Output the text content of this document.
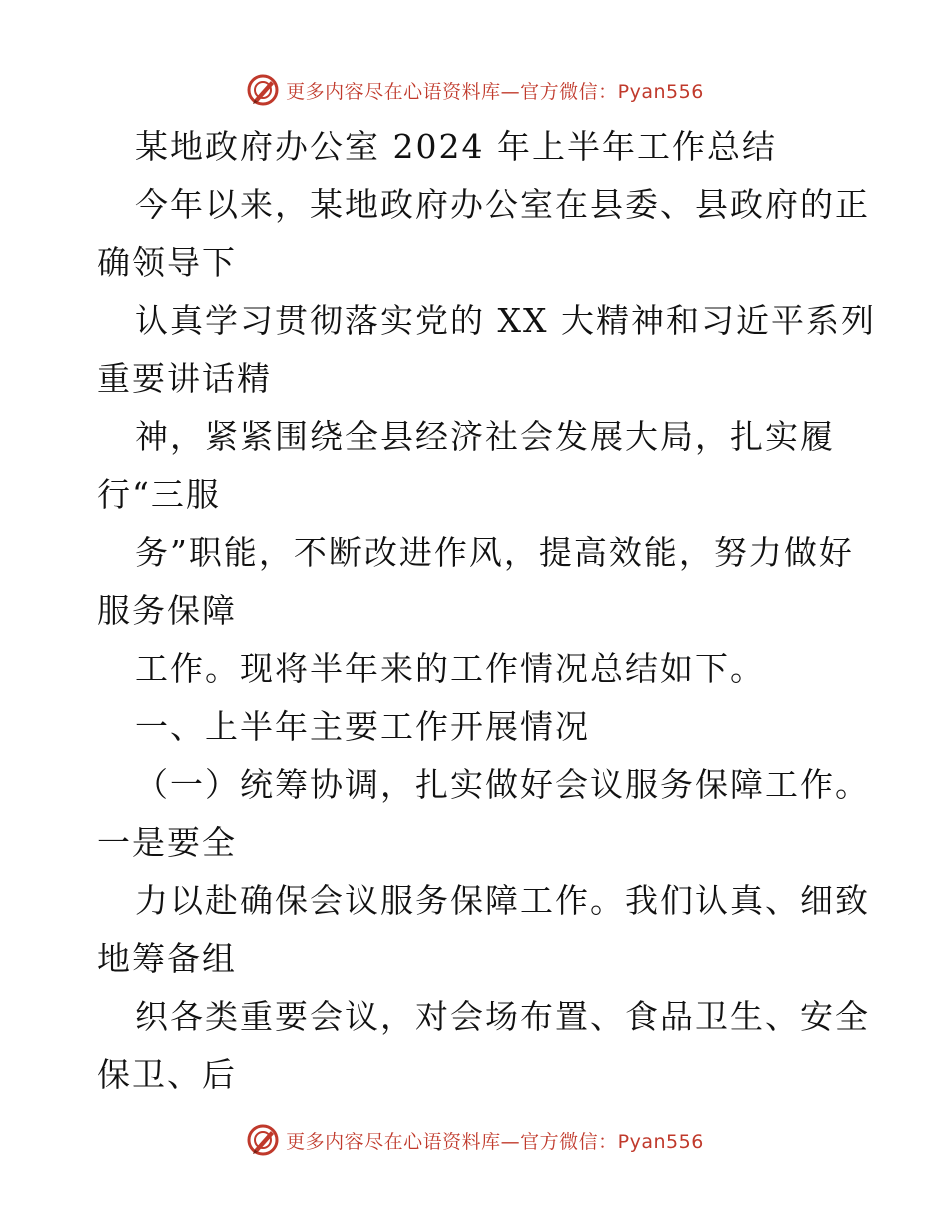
更多内容尽在心语资料库—官方微信：Pyan556
某地政府办公室 2024 年上半年工作总结
今年以来，某地政府办公室在县委、县政府的正
确领导下
认真学习贯彻落实党的 XX 大精神和习近平系列
重要讲话精
神，紧紧围绕全县经济社会发展大局，扎实履
行“三服
务”职能，不断改进作风，提高效能，努力做好
服务保障
工作。现将半年来的工作情况总结如下。
一、上半年主要工作开展情况
（一）统筹协调，扎实做好会议服务保障工作。
一是要全
力以赴确保会议服务保障工作。我们认真、细致
地筹备组
织各类重要会议，对会场布置、食品卫生、安全
保卫、后
更多内容尽在心语资料库—官方微信：Pyan556
